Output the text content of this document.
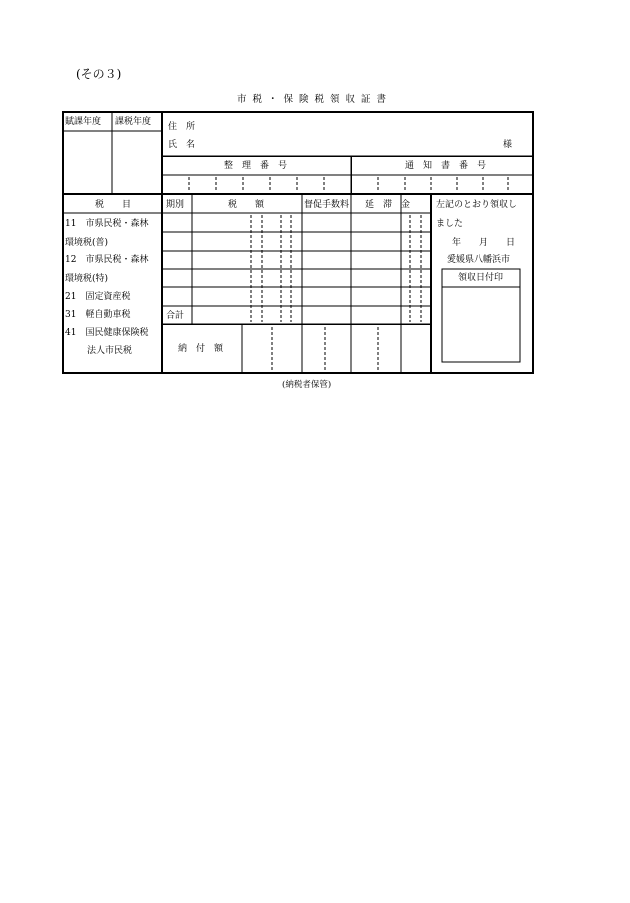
(その３)
市税・保険税領収証書
賦課年度 課税年度 住　所
氏　名	様
整　理　番　号	通　知　書　番　号
税　　目	期別	税　　額	督促手数料 延　滞　金
11　市県民税・森林
環境税(普)
12　市県民税・森林
環境税(特)
21　固定資産税
31　軽自動車税
41　国民健康保険税
法人市民税
合計
納　付　額
左記のとおり領収し
ました
年　　月　　日
愛媛県八幡浜市
領収日付印
(納税者保管)
